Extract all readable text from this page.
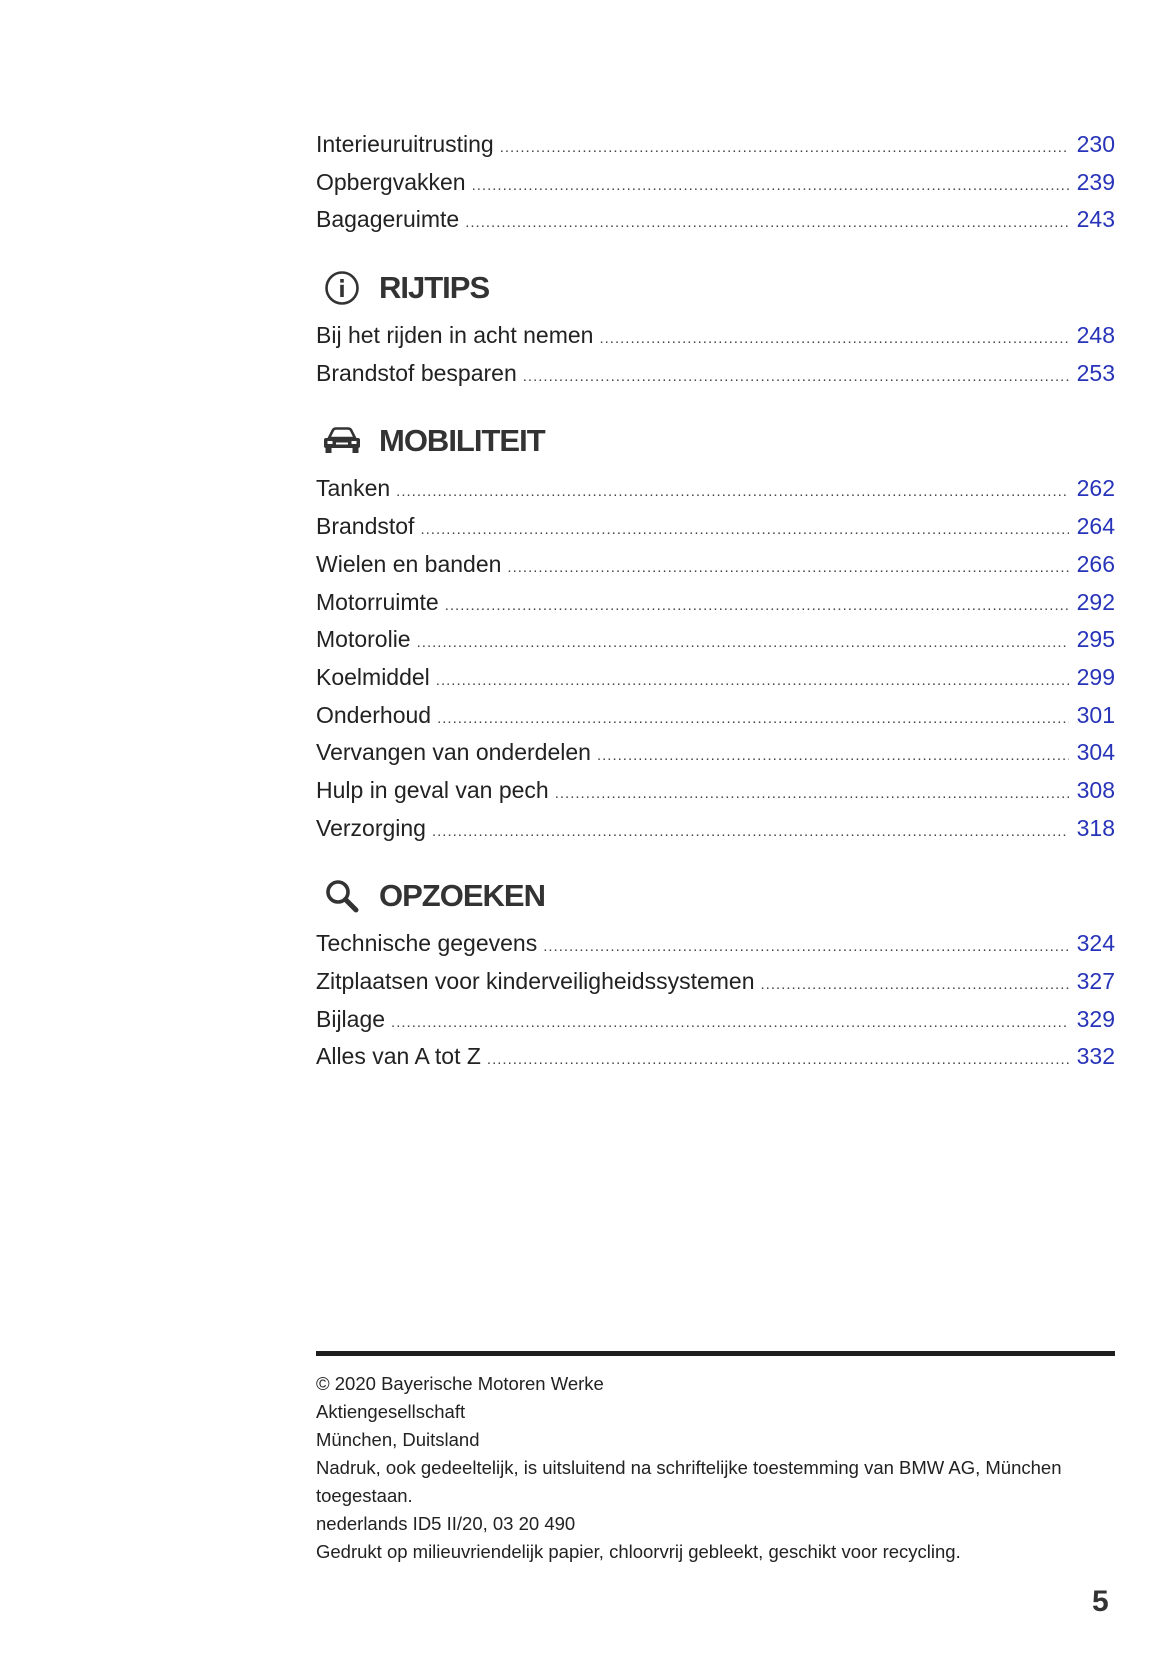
Interieuruitrusting .....	230
Opbergvakken .....	239
Bagageruimte .....	243
RIJTIPS
Bij het rijden in acht nemen .....	248
Brandstof besparen .....	253
MOBILITEIT
Tanken .....	262
Brandstof .....	264
Wielen en banden .....	266
Motorruimte .....	292
Motorolie .....	295
Koelmiddel .....	299
Onderhoud .....	301
Vervangen van onderdelen .....	304
Hulp in geval van pech .....	308
Verzorging .....	318
OPZOEKEN
Technische gegevens .....	324
Zitplaatsen voor kinderveiligheidssystemen .....	327
Bijlage .....	329
Alles van A tot Z .....	332
© 2020 Bayerische Motoren Werke
Aktiengesellschaft
München, Duitsland
Nadruk, ook gedeeltelijk, is uitsluitend na schriftelijke toestemming van BMW AG, München toegestaan.
nederlands ID5 II/20, 03 20 490
Gedrukt op milieuvriendelijk papier, chloorvrij gebleekt, geschikt voor recycling.
5
